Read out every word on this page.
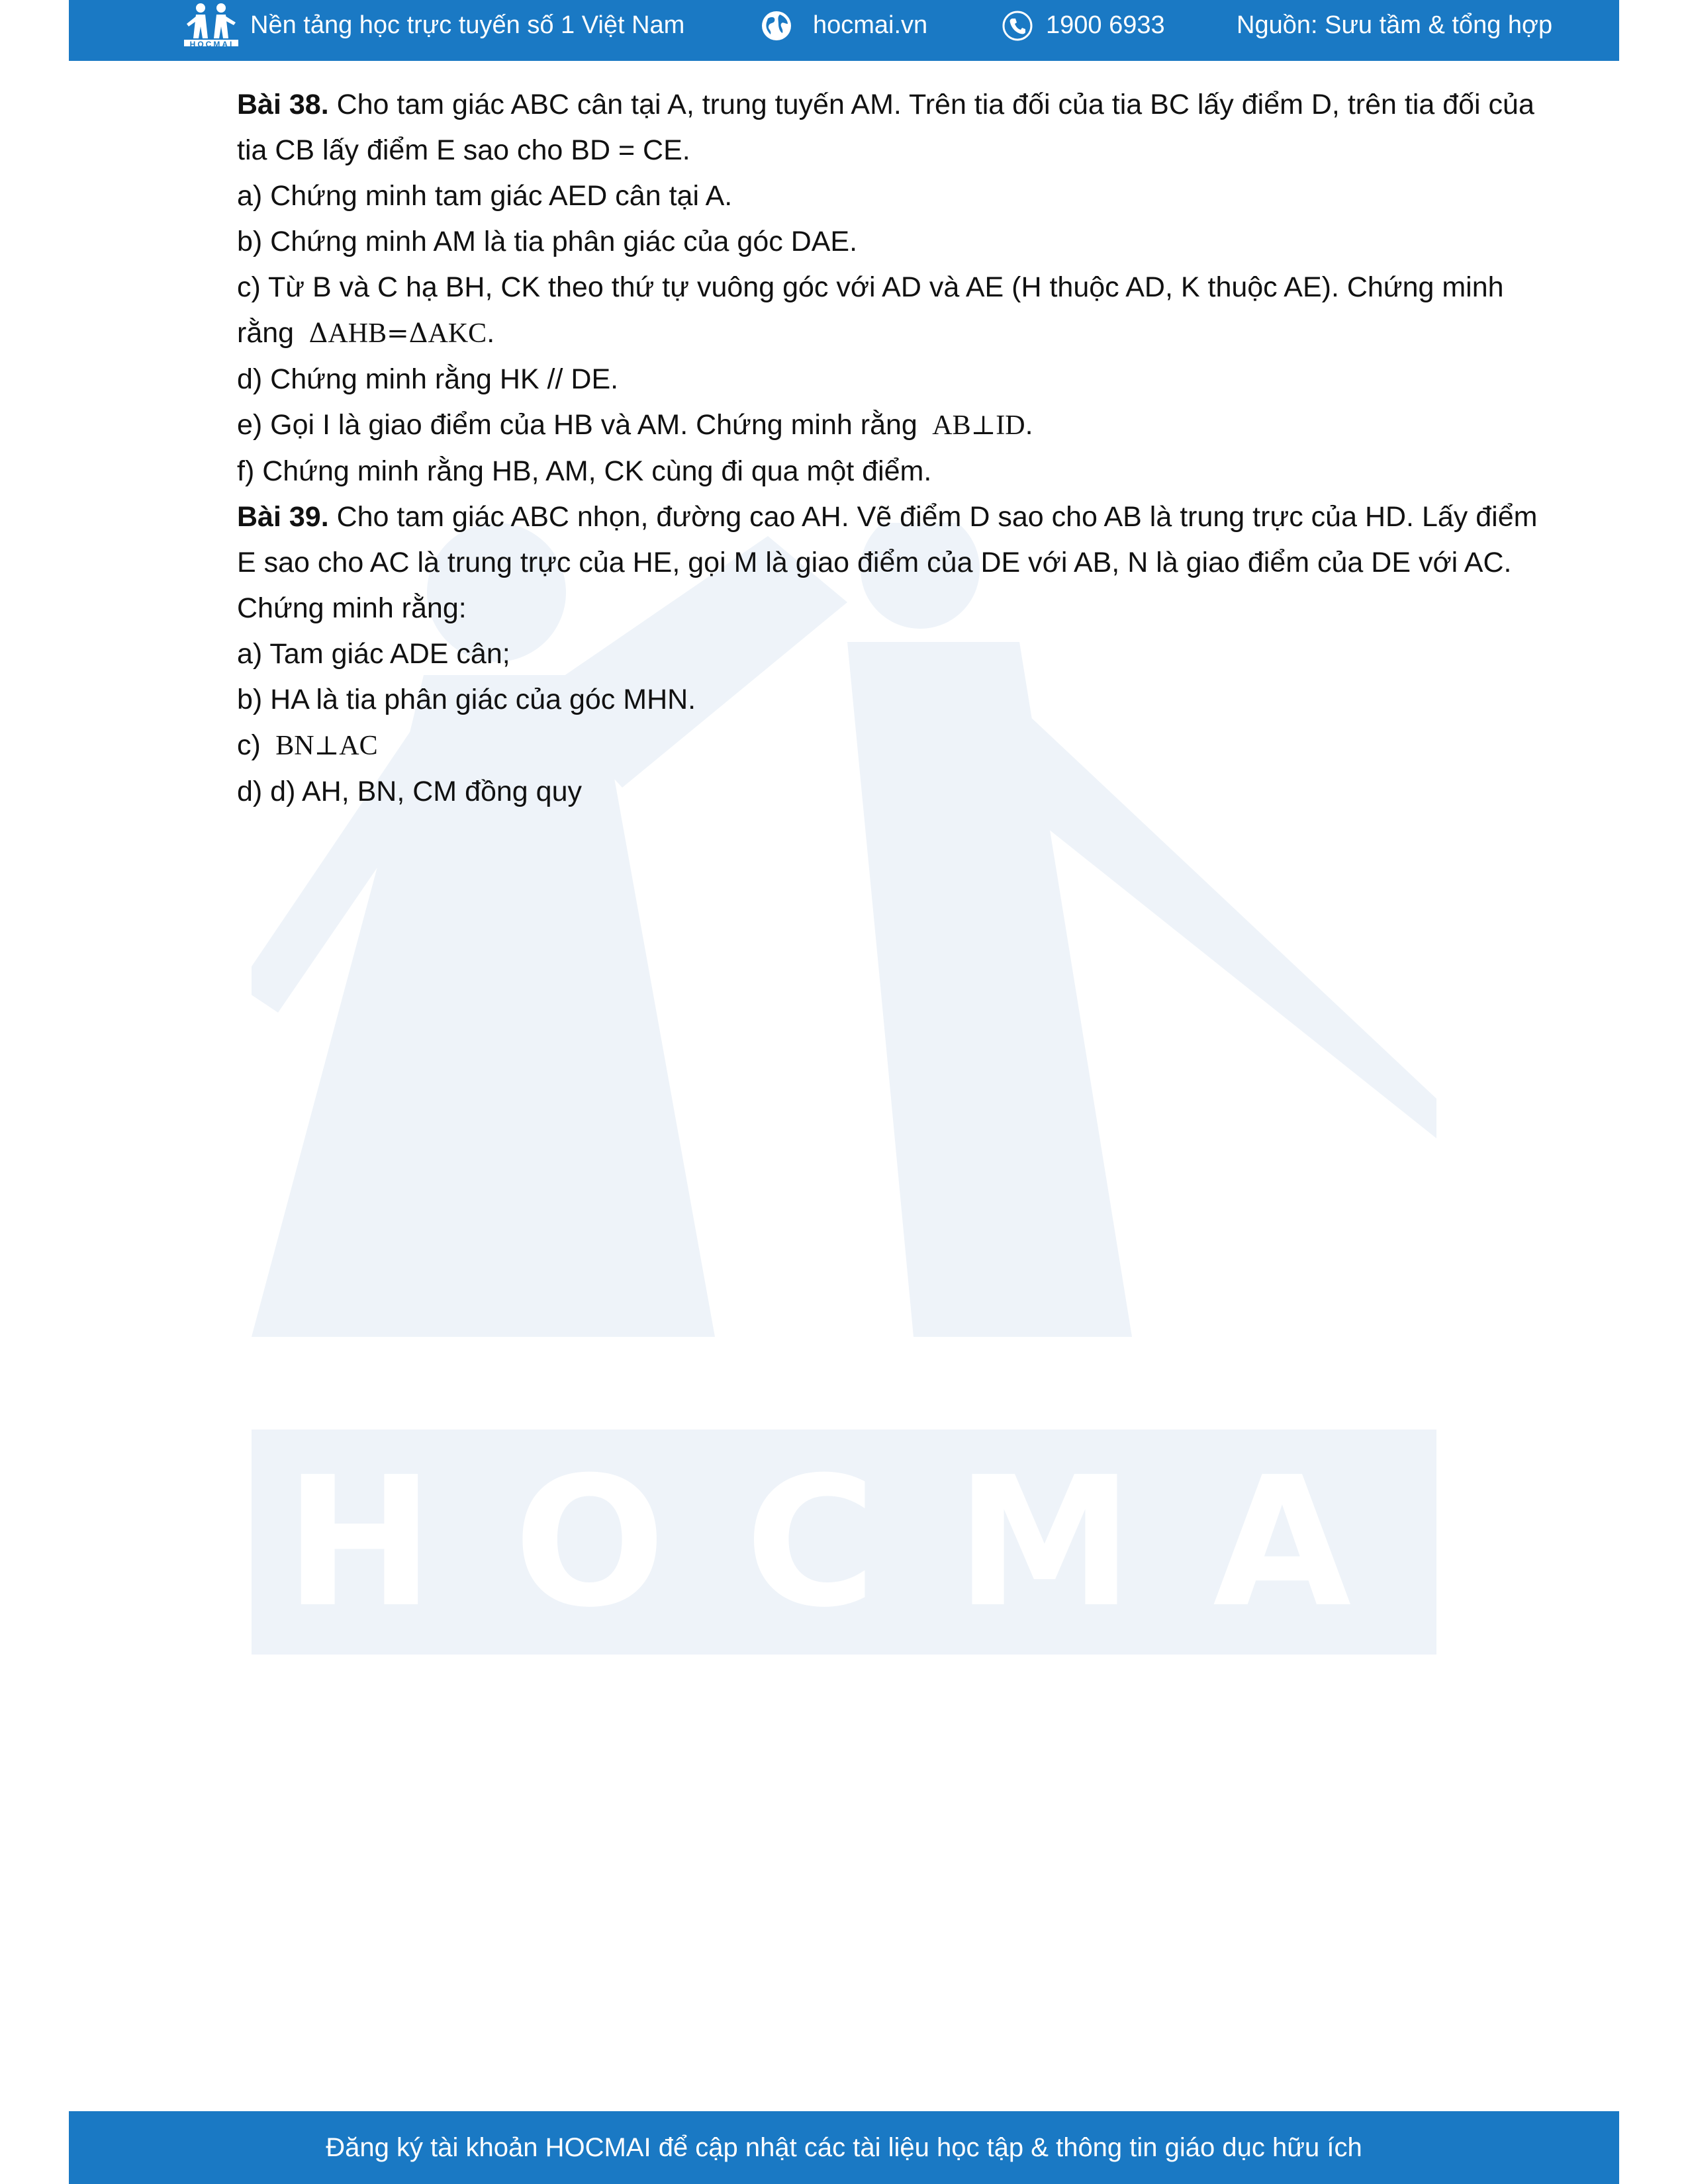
HOCMAI
Nền tảng học trực tuyến số 1 Việt Nam	hocmai.vn	1900 6933	Nguồn: Sưu tầm & tổng hợp
HOCMAI

Bài 38. Cho tam giác ABC cân tại A, trung tuyến AM. Trên tia đối của tia BC lấy điểm D, trên tia đối của tia CB lấy điểm E sao cho BD = CE.

a) Chứng minh tam giác AED cân tại A.

b) Chứng minh AM là tia phân giác của góc DAE.

c) Từ B và C hạ BH, CK theo thứ tự vuông góc với AD và AE (H thuộc AD, K thuộc AE). Chứng minh rằng ΔAHB=ΔAKC.

d) Chứng minh rằng HK // DE.

e) Gọi I là giao điểm của HB và AM. Chứng minh rằng AB⊥ID.

f) Chứng minh rằng HB, AM, CK cùng đi qua một điểm.

Bài 39. Cho tam giác ABC nhọn, đường cao AH. Vẽ điểm D sao cho AB là trung trực của HD. Lấy điểm E sao cho AC là trung trực của HE, gọi M là giao điểm của DE với AB, N là giao điểm của DE với AC. Chứng minh rằng:

a) Tam giác ADE cân;

b) HA là tia phân giác của góc MHN.

c) BN⊥AC

d) d) AH, BN, CM đồng quy

Đăng ký tài khoản HOCMAI để cập nhật các tài liệu học tập & thông tin giáo dục hữu ích
